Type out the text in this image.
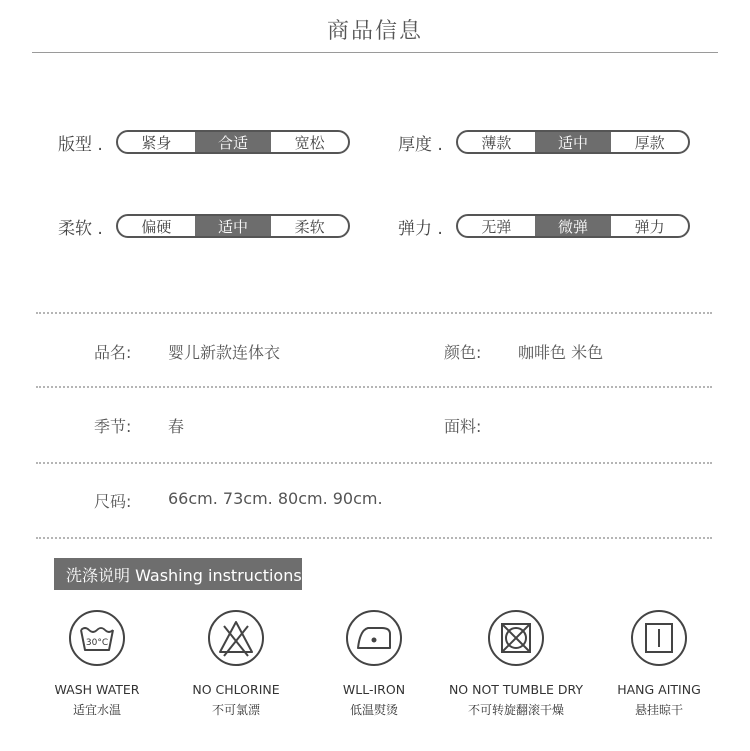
商品信息
版型 .	紧身	合适	宽松	厚度 .	薄款	适中	厚款
柔软 .	偏硬	适中	柔软	弹力 .	无弹	微弹	弹力
品名: 婴儿新款连体衣	颜色: 咖啡色 米色
季节: 春	面料:
尺码: 66cm. 73cm. 80cm. 90cm.
洗涤说明 Washing instructions
30°C
WASH WATER
适宜水温
NO CHLORINE
不可氯漂
WLL-IRON
低温熨烫
NO NOT TUMBLE DRY
不可转旋翻滚干燥
HANG AITING
悬挂晾干
